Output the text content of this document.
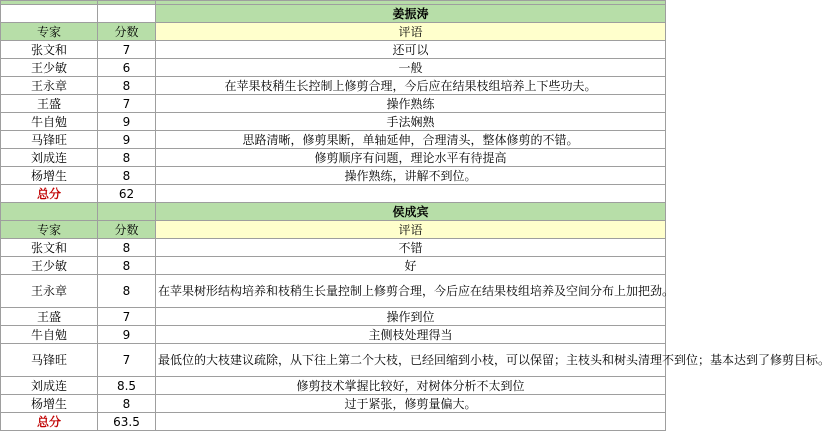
		姜振涛
专家	分数	评语
张文和	7	还可以
王少敏	6	一般
王永章	8	在苹果枝稍生长控制上修剪合理，今后应在结果枝组培养上下些功夫。
王盛	7	操作熟练
牛自勉	9	手法娴熟
马锋旺	9	思路清晰，修剪果断，单轴延伸，合理清头，整体修剪的不错。
刘成连	8	修剪顺序有问题，理论水平有待提高
杨增生	8	操作熟练，讲解不到位。
总分	62	
		侯成宾
专家	分数	评语
张文和	8	不错
王少敏	8	好
王永章	8	在苹果树形结构培养和枝稍生长量控制上修剪合理，今后应在结果枝组培养及空间分布上加把劲。
王盛	7	操作到位
牛自勉	9	主侧枝处理得当
马锋旺	7	最低位的大枝建议疏除，从下往上第二个大枝，已经回缩到小枝，可以保留；主枝头和树头清理不到位；基本达到了修剪目标。
刘成连	8.5	修剪技术掌握比较好，对树体分析不太到位
杨增生	8	过于紧张，修剪量偏大。
总分	63.5	
